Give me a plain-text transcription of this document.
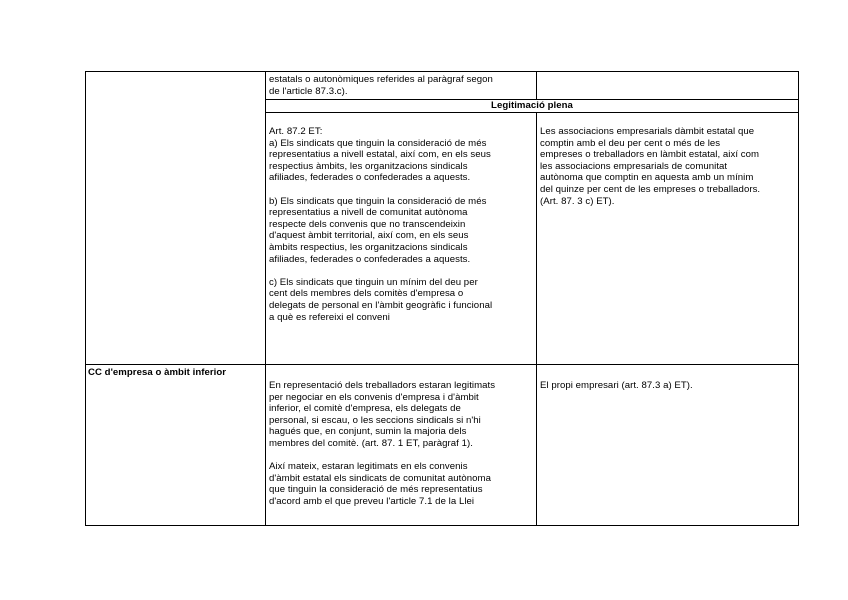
estatals o autonòmiques referides al paràgraf segon
de l'article 87.3.c).
Legitimació plena
Art. 87.2 ET:
a) Els sindicats que tinguin la consideració de més
representatius a nivell estatal, així com, en els seus
respectius àmbits, les organitzacions sindicals
afiliades, federades o confederades a aquests.

b) Els sindicats que tinguin la consideració de més
representatius a nivell de comunitat autònoma
respecte dels convenis que no transcendeixin
d'aquest àmbit territorial, així com, en els seus
àmbits respectius, les organitzacions sindicals
afiliades, federades o confederades a aquests.

c) Els sindicats que tinguin un mínim del deu per
cent dels membres dels comitès d'empresa o
delegats de personal en l'àmbit geogràfic i funcional
a què es refereixi el conveni
Les associacions empresarials dàmbit estatal que
comptin amb el deu per cent o més de les
empreses o treballadors en làmbit estatal, així com
les associacions empresarials de comunitat
autònoma que comptin en aquesta amb un mínim
del quinze per cent de les empreses o treballadors.
(Art. 87. 3 c) ET).
CC d'empresa o àmbit inferior
En representació dels treballadors estaran legitimats
per negociar en els convenis d'empresa i d'àmbit
inferior, el comitè d'empresa, els delegats de
personal, si escau, o les seccions sindicals si n'hi
hagués que, en conjunt, sumin la majoria dels
membres del comitè. (art. 87. 1 ET, paràgraf 1).

Així mateix, estaran legitimats en els convenis
d'àmbit estatal els sindicats de comunitat autònoma
que tinguin la consideració de més representatius
d'acord amb el que preveu l'article 7.1 de la Llei
El propi empresari (art. 87.3 a) ET).
